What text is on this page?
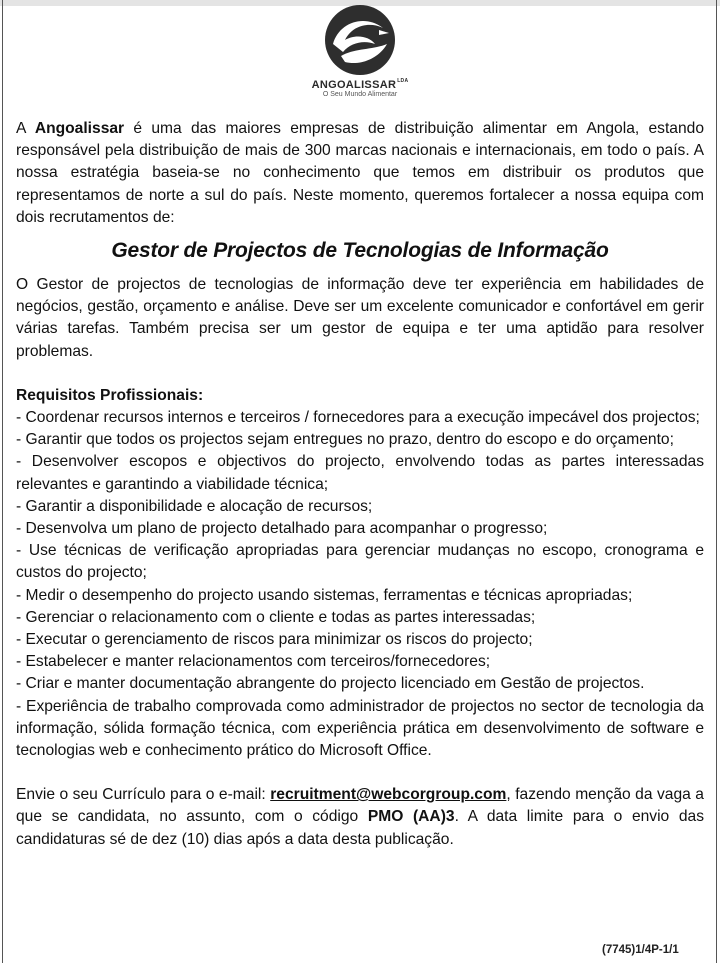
$ANGOALISSAR^{LDA}$
O Seu Mundo Alimentar

A Angoalissar é uma das maiores empresas de distribuição alimentar em Angola, estando responsável pela distribuição de mais de 300 marcas nacionais e internacionais, em todo o país. A nossa estratégia baseia-se no conhecimento que temos em distribuir os produtos que representamos de norte a sul do país. Neste momento, queremos fortalecer a nossa equipa com dois recrutamentos de:

Gestor de Projectos de Tecnologias de Informação

O Gestor de projectos de tecnologias de informação deve ter experiência em habilidades de negócios, gestão, orçamento e análise. Deve ser um excelente comunicador e confortável em gerir várias tarefas. Também precisa ser um gestor de equipa e ter uma aptidão para resolver problemas.

Requisitos Profissionais:
- Coordenar recursos internos e terceiros / fornecedores para a execução impecável dos projectos;
- Garantir que todos os projectos sejam entregues no prazo, dentro do escopo e do orçamento;
- Desenvolver escopos e objectivos do projecto, envolvendo todas as partes interessadas relevantes e garantindo a viabilidade técnica;
- Garantir a disponibilidade e alocação de recursos;
- Desenvolva um plano de projecto detalhado para acompanhar o progresso;
- Use técnicas de verificação apropriadas para gerenciar mudanças no escopo, cronograma e custos do projecto;
- Medir o desempenho do projecto usando sistemas, ferramentas e técnicas apropriadas;
- Gerenciar o relacionamento com o cliente e todas as partes interessadas;
- Executar o gerenciamento de riscos para minimizar os riscos do projecto;
- Estabelecer e manter relacionamentos com terceiros/fornecedores;
- Criar e manter documentação abrangente do projecto licenciado em Gestão de projectos.
- Experiência de trabalho comprovada como administrador de projectos no sector de tecnologia da informação, sólida formação técnica, com experiência prática em desenvolvimento de software e tecnologias web e conhecimento prático do Microsoft Office.

Envie o seu Currículo para o e-mail: recruitment@webcorgroup.com, fazendo menção da vaga a que se candidata, no assunto, com o código PMO (AA)3. A data limite para o envio das candidaturas sé de dez (10) dias após a data desta publicação.

(7745)1/4P-1/1
